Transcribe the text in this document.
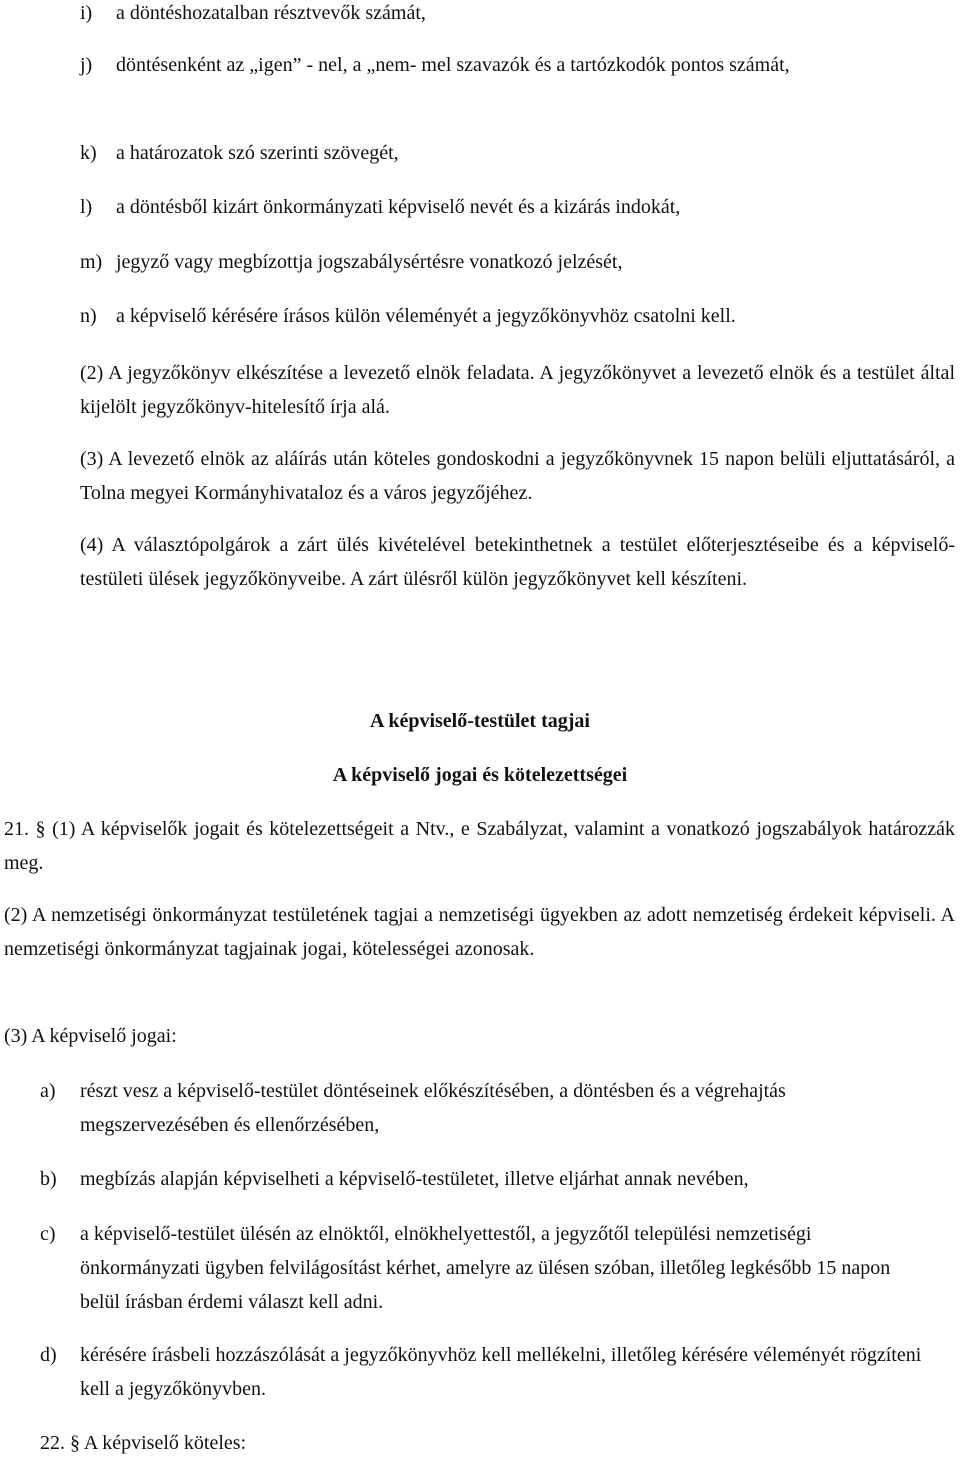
i) a döntéshozatalban résztvevők számát,
j) döntésenként az „igen” - nel, a „nem- mel szavazók és a tartózkodók pontos számát,
k) a határozatok szó szerinti szövegét,
l) a döntésből kizárt önkormányzati képviselő nevét és a kizárás indokát,
m) jegyző vagy megbízottja jogszabálysértésre vonatkozó jelzését,
n) a képviselő kérésére írásos külön véleményét a jegyzőkönyvhöz csatolni kell.

(2) A jegyzőkönyv elkészítése a levezető elnök feladata. A jegyzőkönyvet a levezető elnök és a testület által kijelölt jegyzőkönyv-hitelesítő írja alá.

(3) A levezető elnök az aláírás után köteles gondoskodni a jegyzőkönyvnek 15 napon belüli eljuttatásáról, a Tolna megyei Kormányhivataloz és a város jegyzőjéhez.

(4) A választópolgárok a zárt ülés kivételével betekinthetnek a testület előterjesztéseibe és a képviselő-testületi ülések jegyzőkönyveibe. A zárt ülésről külön jegyzőkönyvet kell készíteni.

A képviselő-testület tagjai
A képviselő jogai és kötelezettségei

21. § (1) A képviselők jogait és kötelezettségeit a Ntv., e Szabályzat, valamint a vonatkozó jogszabályok határozzák meg.

(2) A nemzetiségi önkormányzat testületének tagjai a nemzetiségi ügyekben az adott nemzetiség érdekeit képviseli. A nemzetiségi önkormányzat tagjainak jogai, kötelességei azonosak.

(3) A képviselő jogai:

a) részt vesz a képviselő-testület döntéseinek előkészítésében, a döntésben és a végrehajtás megszervezésében és ellenőrzésében,
b) megbízás alapján képviselheti a képviselő-testületet, illetve eljárhat annak nevében,
c) a képviselő-testület ülésén az elnöktől, elnökhelyettestől, a jegyzőtől települési nemzetiségi önkormányzati ügyben felvilágosítást kérhet, amelyre az ülésen szóban, illetőleg legkésőbb 15 napon belül írásban érdemi választ kell adni.
d) kérésére írásbeli hozzászólását a jegyzőkönyvhöz kell mellékelni, illetőleg kérésére véleményét rögzíteni kell a jegyzőkönyvben.
22. § A képviselő köteles:
